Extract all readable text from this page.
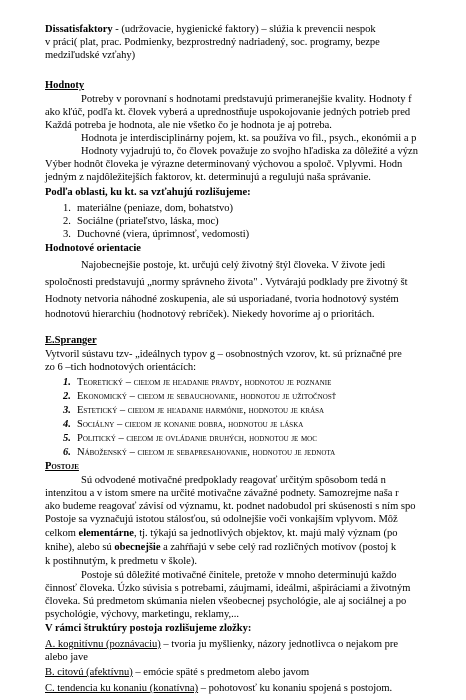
Dissatisfaktory - (udržovacie, hygienické faktory) – slúžia k prevencii nespok
v práci( plat, prac. Podmienky, bezprostredný nadriadený, soc. programy, bezpe
medziľudské vzťahy)
Hodnoty
Potreby v porovnaní s hodnotami predstavujú primeranejšie kvality. Hodnoty f
ako kľúč, podľa kt. človek vyberá a uprednostňuje uspokojovanie jedných potrieb pred
Každá potreba je hodnota, ale nie všetko čo je hodnota je aj potreba.
Hodnota je interdisciplinárny pojem, kt. sa používa vo fil., psych., ekonómii a p
Hodnoty vyjadrujú to, čo človek považuje zo svojho hľadiska za dôležité a význ
Výber hodnôt človeka je výrazne determinovaný výchovou a spoloč. Vplyvmi. Hodn
jedným z najdôležitejších faktorov, kt. determinujú a regulujú naša správanie.
Podľa oblasti, ku kt. sa vzťahujú rozlišujeme:
1. materiálne (peniaze, dom, bohatstvo)
2. Sociálne (priateľstvo, láska, moc)
3. Duchovné (viera, úprimnosť, vedomosti)
Hodnotové orientacie
Najobecnejšie postoje, kt. určujú celý životný štýl človeka. V živote jedi
spoločnosti predstavujú „normy správneho života" . Vytvárajú podklady pre životný št
Hodnoty netvoria náhodné zoskupenia, ale sú usporiadané, tvoria hodnotový systém
hodnotovú hierarchiu (hodnotový rebríček). Niekedy hovoríme aj o prioritách.
E.Spranger
Vytvoril sústavu tzv- „ideálnych typov g – osobnostných vzorov, kt. sú príznačné pre
zo 6 –tich hodnotových orientácích:
1. Teoretický – cieľom je hľadanie pravdy, hodnotou je poznanie
2. Ekonomický – cieľom je sebauchovanie, hodnotou je užitočnosť
3. Estetický – cieľom je hľadanie harmónie, hodnotou je krása
4. Sociálny – cieľom je konanie dobra, hodnotou je láska
5. Politický – cieľom je ovládanie druhých, hodnotou je moc
6. Náboženský – cieľom je sebapresahovanie, hodnotou je jednota
Postoje
Sú odvodené motivačné predpoklady reagovať určitým spôsobom tedá n
intenzitou a v istom smere na určité motivačne závažné podnety. Samozrejme naša r
ako budeme reagovať závisí od významu, kt. podnet nadobudol pri skúsenosti s ním spo
Postoje sa vyznačujú istotou stálosťou, sú odolnejšie voči vonkajším vplyvom. Môž
celkom elementárne, tj. týkajú sa jednotlivých objektov, kt. majú malý význam (po
knihe), alebo sú obecnejšie a zahŕňajú v sebe celý rad rozličných motívov (postoj k
k postihnutým, k predmetu v škole).
Postoje sú dôležité motivačné činitele, pretože v mnoho determinujú každo
činnosť človeka. Úzko súvisia s potrebami, záujmami, ideálmi, ašpiráciami a životným
človeka. Sú predmetom skúmania nielen všeobecnej psychológie, ale aj sociálnej a po
psychológie, výchovy, marketingu, reklamy,...
V rámci štruktúry postoja rozlišujeme zložky:
A. kognitívnu (poznávaciu) – tvoria ju myšlienky, názory jednotlivca o nejakom pre
alebo jave
B. citovú (afektívnu) – emócie späté s predmetom alebo javom
C. tendencia ku konaniu (konatívna) – pohotovosť ku konaniu spojená s postojom.
